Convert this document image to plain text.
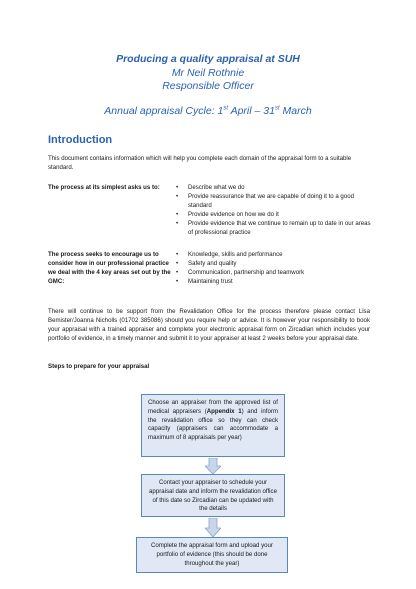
Producing a quality appraisal at SUH
Mr Neil Rothnie
Responsible Officer
Annual appraisal Cycle: 1st April – 31st March
Introduction
This document contains information which will help you complete each domain of the appraisal form to a suitable standard.
The process at its simplest asks us to:
•	Describe what we do
• Provide reassurance that we are capable of doing it to a good standard
• Provide evidence on how we do it
• Provide evidence that we continue to remain up to date in our areas of professional practice
The process seeks to encourage us to consider how in our professional practice we deal with the 4 key areas set out by the GMC:
• Knowledge, skills and performance
• Safety and quality
• Communication, partnership and teamwork
• Maintaining trust
There will continue to be support from the Revalidation Office for the process therefore please contact Lisa Bemister/Joanna Nicholls (01702 385086) should you require help or advice. It is however your responsibility to book your appraisal with a trained appraiser and complete your electronic appraisal form on Zircadian which includes your portfolio of evidence, in a timely manner and submit it to your appraiser at least 2 weeks before your appraisal date.
Steps to prepare for your appraisal
Choose an appraiser from the approved list of medical appraisers (Appendix 1) and inform the revalidation office so they can check capacity (appraisers can accommodate a maximum of 8 appraisals per year)
Contact your appraiser to schedule your appraisal date and inform the revalidation office of this date so Zircadian can be updated with the details
Complete the appraisal form and upload your portfolio of evidence (this should be done throughout the year)
